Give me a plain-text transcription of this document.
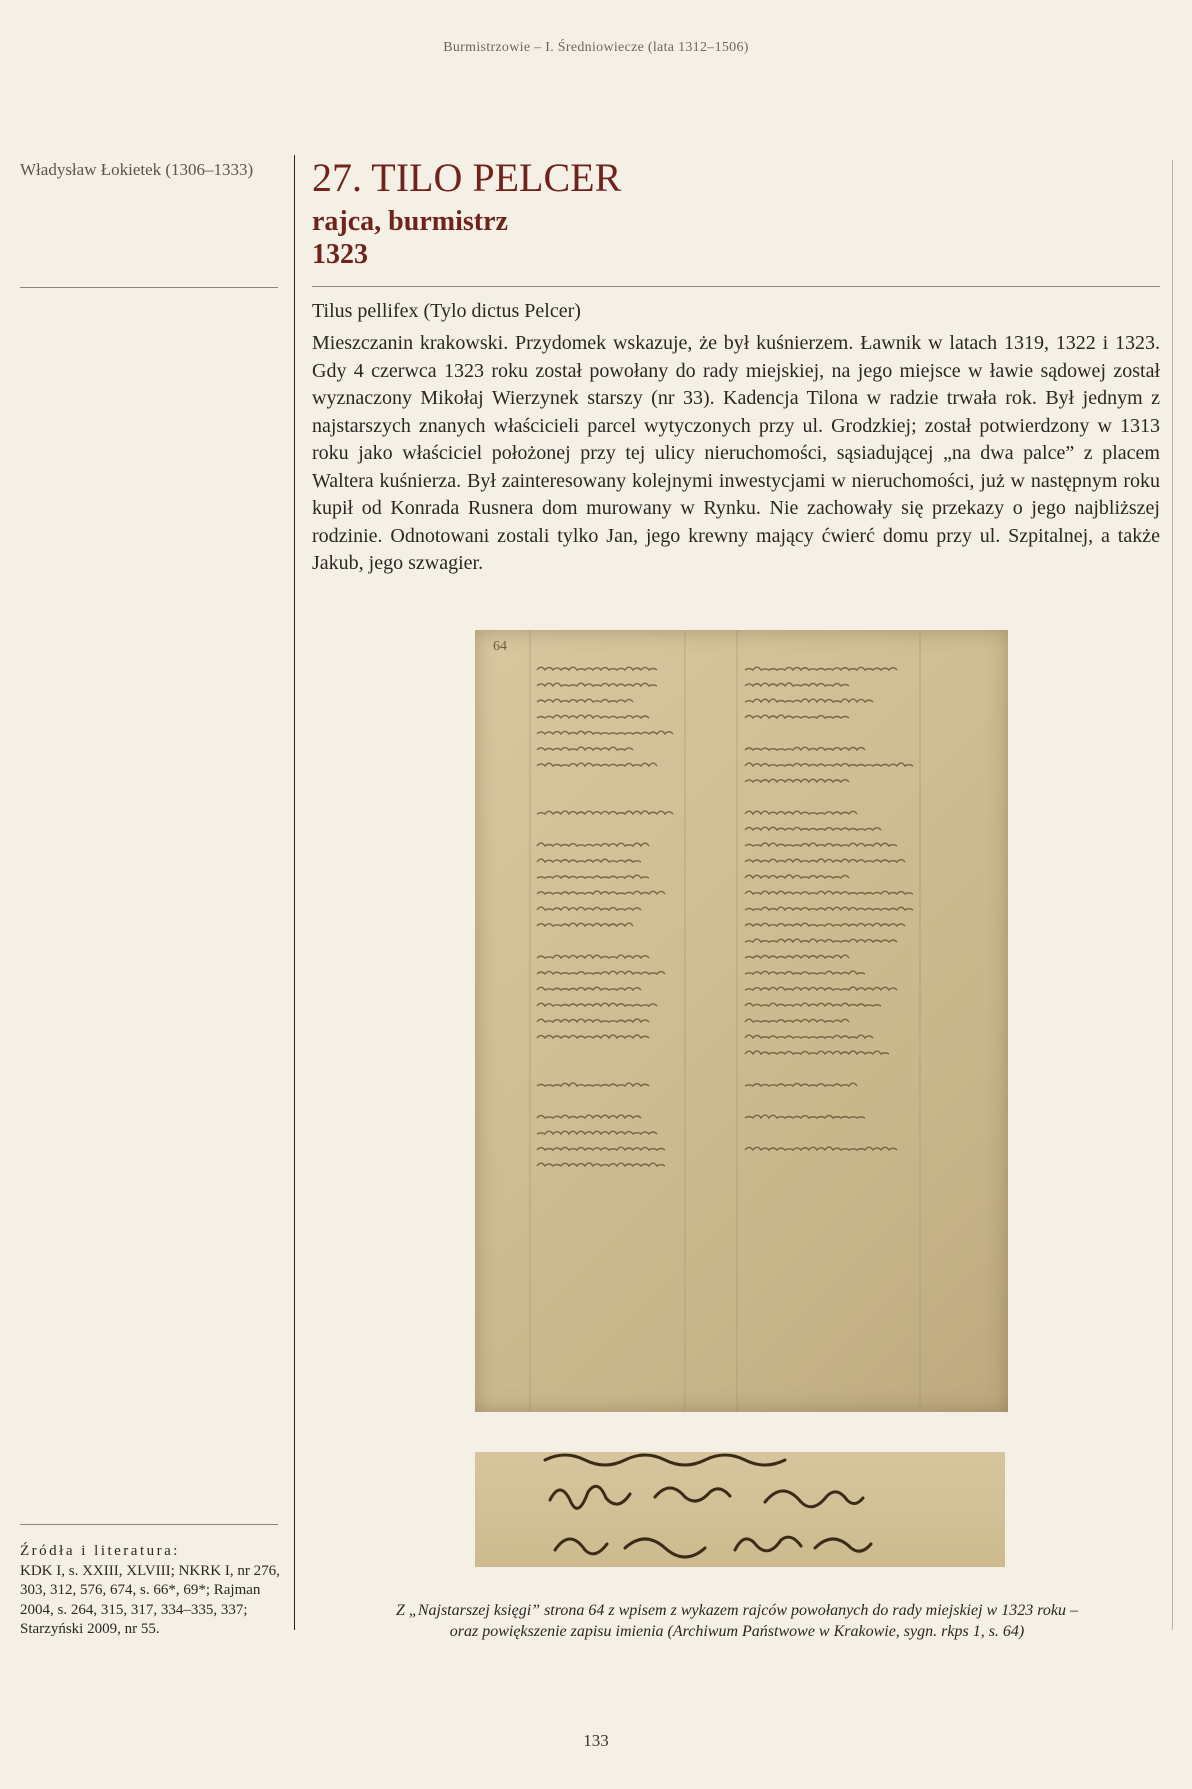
Burmistrzowie – I. Średniowiecze (lata 1312–1506)
Władysław Łokietek (1306–1333)	27. TILO PELCER
rajca, burmistrz
1323
Tilus pellifex (Tylo dictus Pelcer)

Mieszczanin krakowski. Przydomek wskazuje, że był kuśnierzem. Ławnik w latach 1319, 1322 i 1323. Gdy 4 czerwca 1323 roku został powołany do rady miejskiej, na jego miejsce w ławie sądowej został wyznaczony Mikołaj Wierzynek starszy (nr 33). Kadencja Tilona w radzie trwała rok. Był jednym z najstarszych znanych właścicieli parcel wytyczonych przy ul. Grodzkiej; został potwierdzony w 1313 roku jako właściciel położonej przy tej ulicy nieruchomości, sąsiadującej „na dwa palce” z placem Waltera kuśnierza. Był zainteresowany kolejnymi inwestycjami w nieruchomości, już w następnym roku kupił od Konrada Rusnera dom murowany w Rynku. Nie zachowały się przekazy o jego najbliższej rodzinie. Odnotowani zostali tylko Jan, jego krewny mający ćwierć domu przy ul. Szpitalnej, a także Jakub, jego szwagier.

64
Z „Najstarszej księgi” strona 64 z wpisem z wykazem rajców powołanych do rady miejskiej w 1323 roku –
oraz powiększenie zapisu imienia (Archiwum Państwowe w Krakowie, sygn. rkps 1, s. 64)
Źródła i literatura:
KDK I, s. XXIII, XLVIII; NKRK I, nr 276, 303, 312, 576, 674, s. 66*, 69*; Rajman 2004, s. 264, 315, 317, 334–335, 337; Starzyński 2009, nr 55.
133
